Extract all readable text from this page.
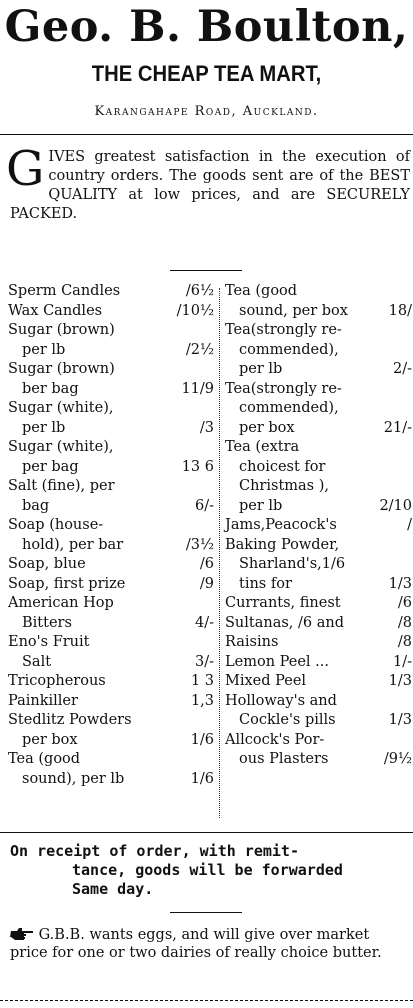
Geo. B. Boulton,
THE CHEAP TEA MART,
Karangahape Road, Auckland.
GIVES greatest satisfaction in the execution of country orders. The goods sent are of the BEST QUALITY at low prices, and are SECURELY PACKED.
Sperm Candles	/6½
Wax Candles	/10½
Sugar (brown)
per lb	/2½
Sugar (brown)
ber bag	11/9
Sugar (white),
per lb	/3
Sugar (white),
per bag	13 6
Salt (fine), per
bag	6/-
Soap (house-
hold), per bar	/3½
Soap, blue	/6
Soap, first prize	/9
American Hop
Bitters	4/-
Eno's Fruit
Salt	3/-
Tricopherous	1 3
Painkiller	1,3
Stedlitz Powders
per box	1/6
Tea (good
sound), per lb	1/6
Tea (good
sound, per box	18/
Tea(strongly re-
commended),
per lb	2/-
Tea(strongly re-
commended),
per box	21/-
Tea (extra
choicest for
Christmas ),
per lb	2/10
Jams,Peacock's	/
Baking Powder,
Sharland's,1/6
tins for	1/3
Currants, finest	/6
Sultanas, /6 and	/8
Raisins	/8
Lemon Peel ...	1/-
Mixed Peel	1/3
Holloway's and
Cockle's pills	1/3
Allcock's Por-
ous Plasters	/9½
On receipt of order, with remit-
tance, goods will be forwarded
Same day.
G.B.B. wants eggs, and will give over market price for one or two dairies of really choice butter.
